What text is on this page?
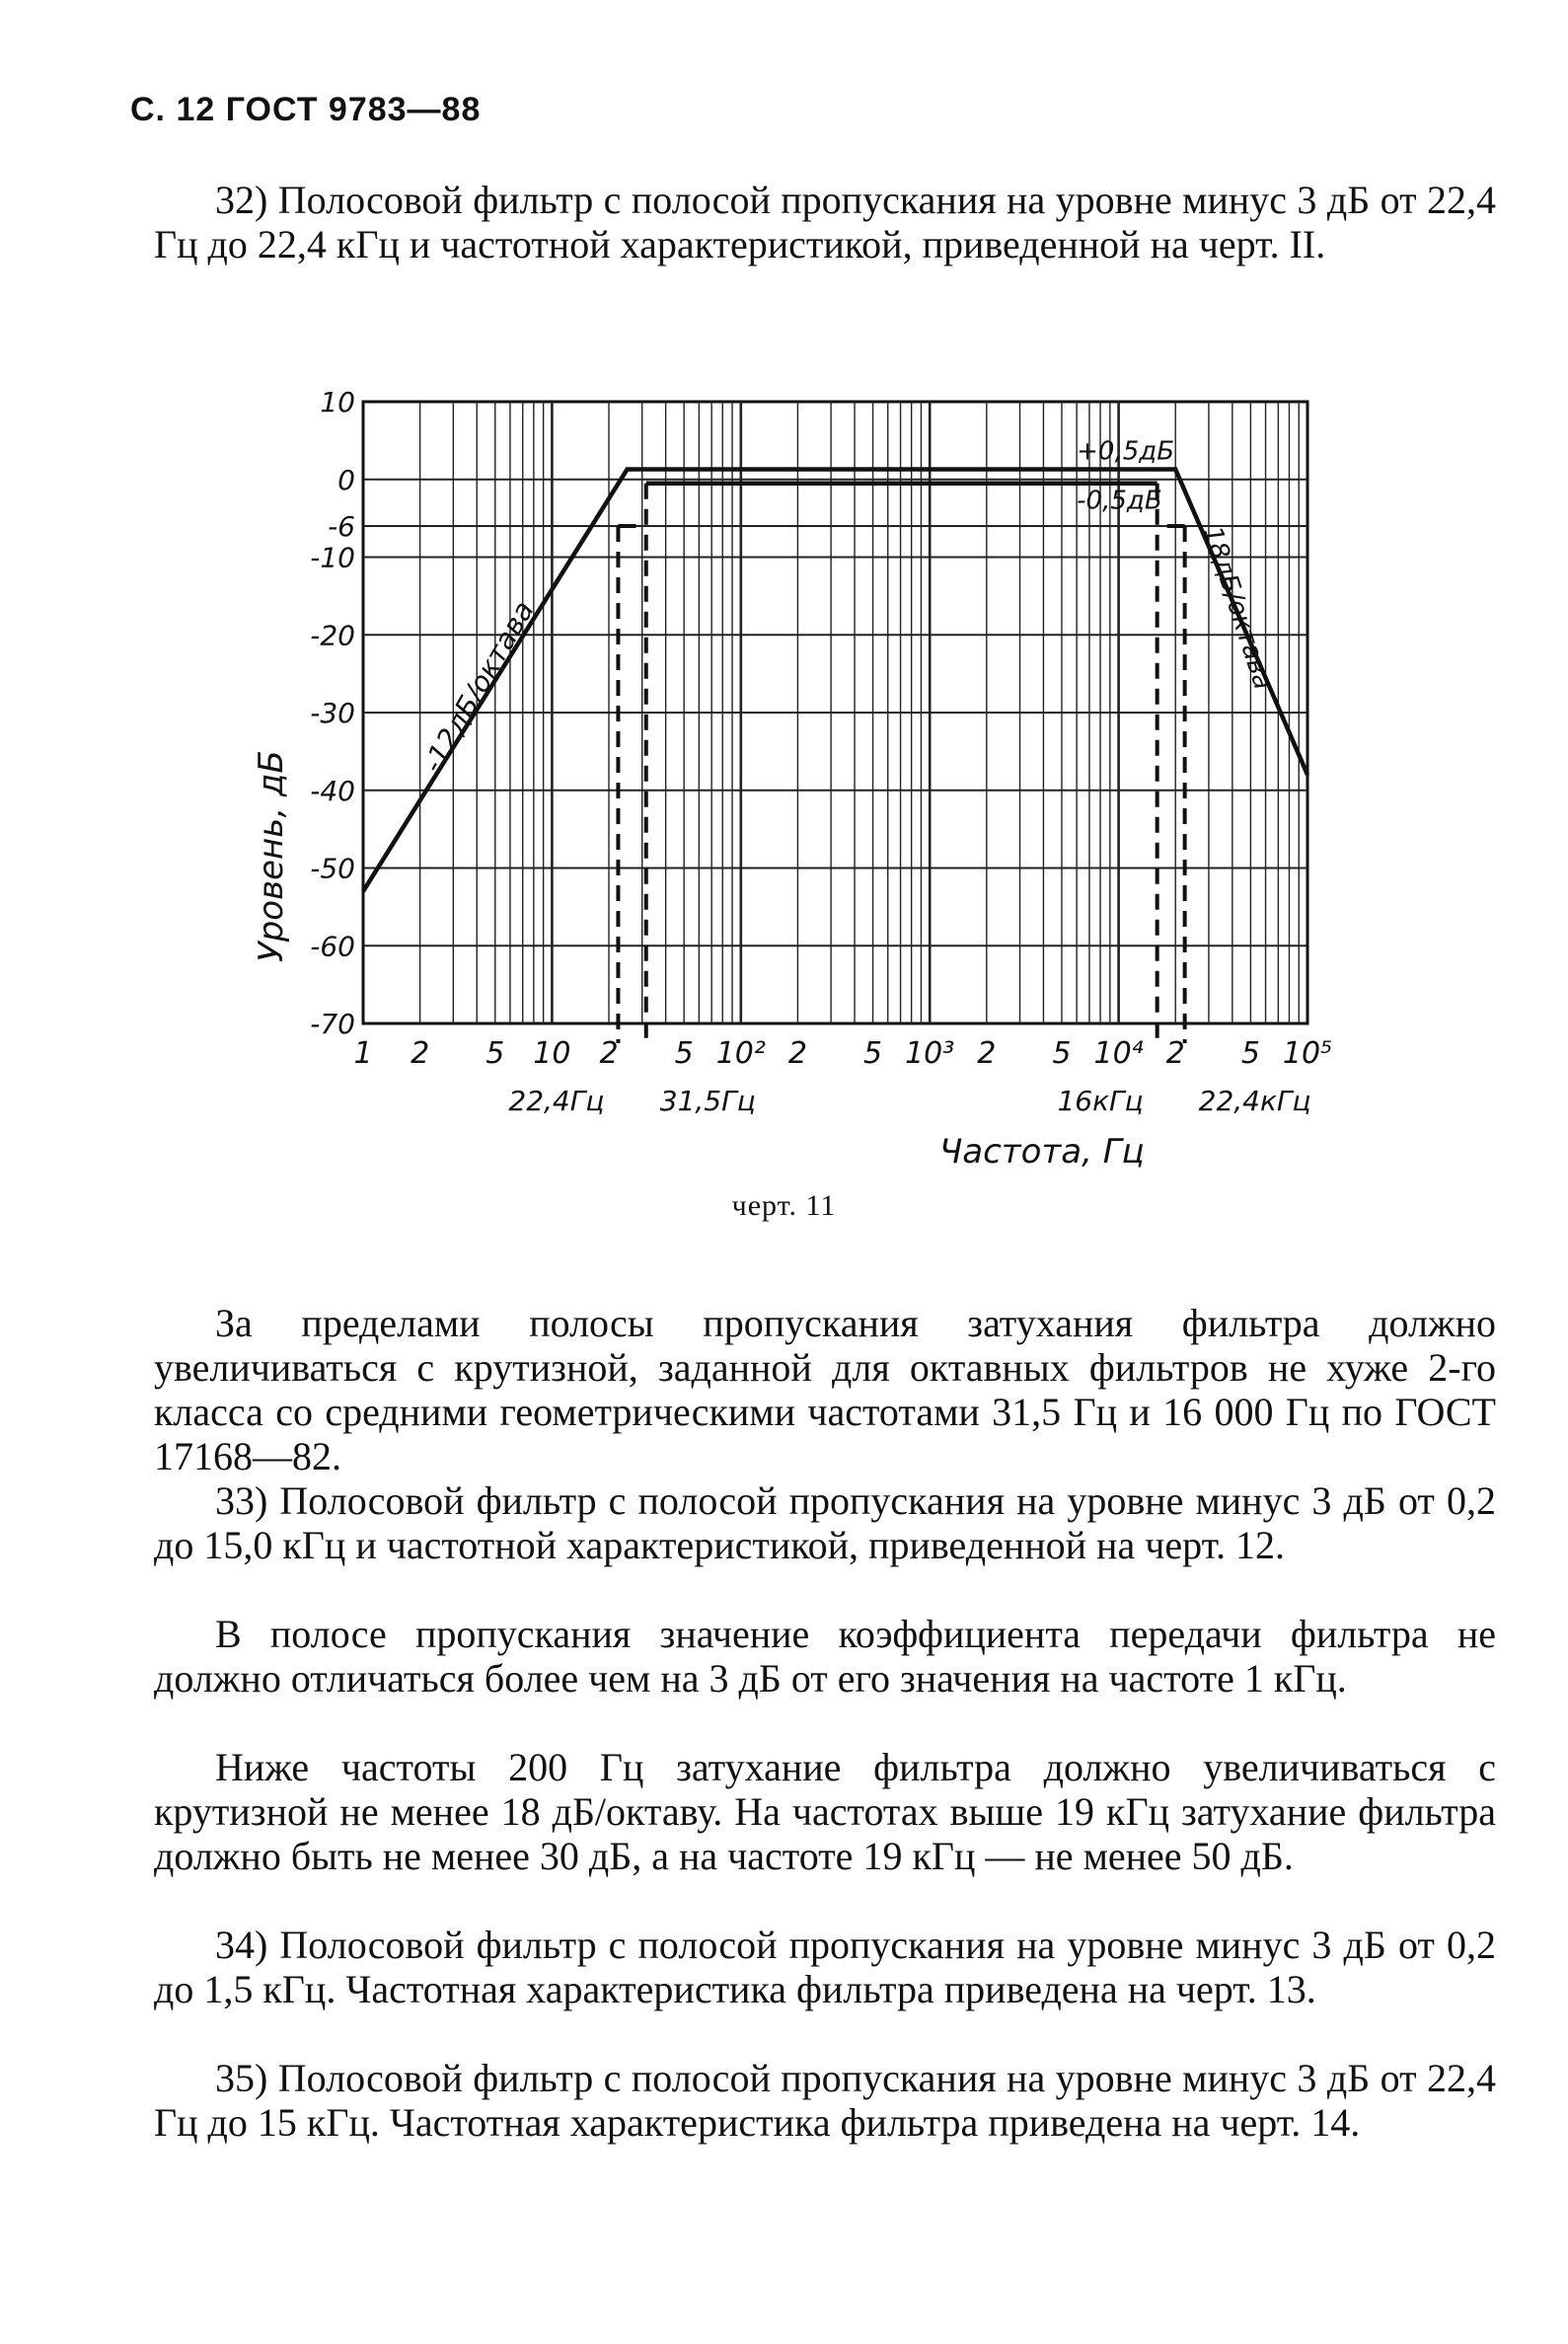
С. 12 ГОСТ 9783—88

32) Полосовой фильтр с полосой пропускания на уровне минус 3 дБ от 22,4 Гц до 22,4 кГц и частотной характеристикой, приведенной на черт. II.

10
0
-6
-10
-20
-30
-40
-50
-60
-70
1 2 5 10 2 5 10² 2 5 10³ 2 5 10⁴ 2 5 10⁵
22,4Гц 31,5Гц	16кГц 22,4кГц
Уровень, дБ
Частота, Гц
+0,5дБ
-0,5дБ
-12дБ/октава	18дБ/октава
черт. 11

За пределами полосы пропускания затухания фильтра должно увеличиваться с крутизной, заданной для октавных фильтров не хуже 2-го класса со средними геометрическими частотами 31,5 Гц и 16 000 Гц по ГОСТ 17168—82.

33) Полосовой фильтр с полосой пропускания на уровне минус 3 дБ от 0,2 до 15,0 кГц и частотной характеристикой, приведенной на черт. 12.

В полосе пропускания значение коэффициента передачи фильтра не должно отличаться более чем на 3 дБ от его значения на частоте 1 кГц.

Ниже частоты 200 Гц затухание фильтра должно увеличиваться с крутизной не менее 18 дБ/октаву. На частотах выше 19 кГц затухание фильтра должно быть не менее 30 дБ, а на частоте 19 кГц — не менее 50 дБ.

34) Полосовой фильтр с полосой пропускания на уровне минус 3 дБ от 0,2 до 1,5 кГц. Частотная характеристика фильтра приведена на черт. 13.

35) Полосовой фильтр с полосой пропускания на уровне минус 3 дБ от 22,4 Гц до 15 кГц. Частотная характеристика фильтра приведена на черт. 14.
